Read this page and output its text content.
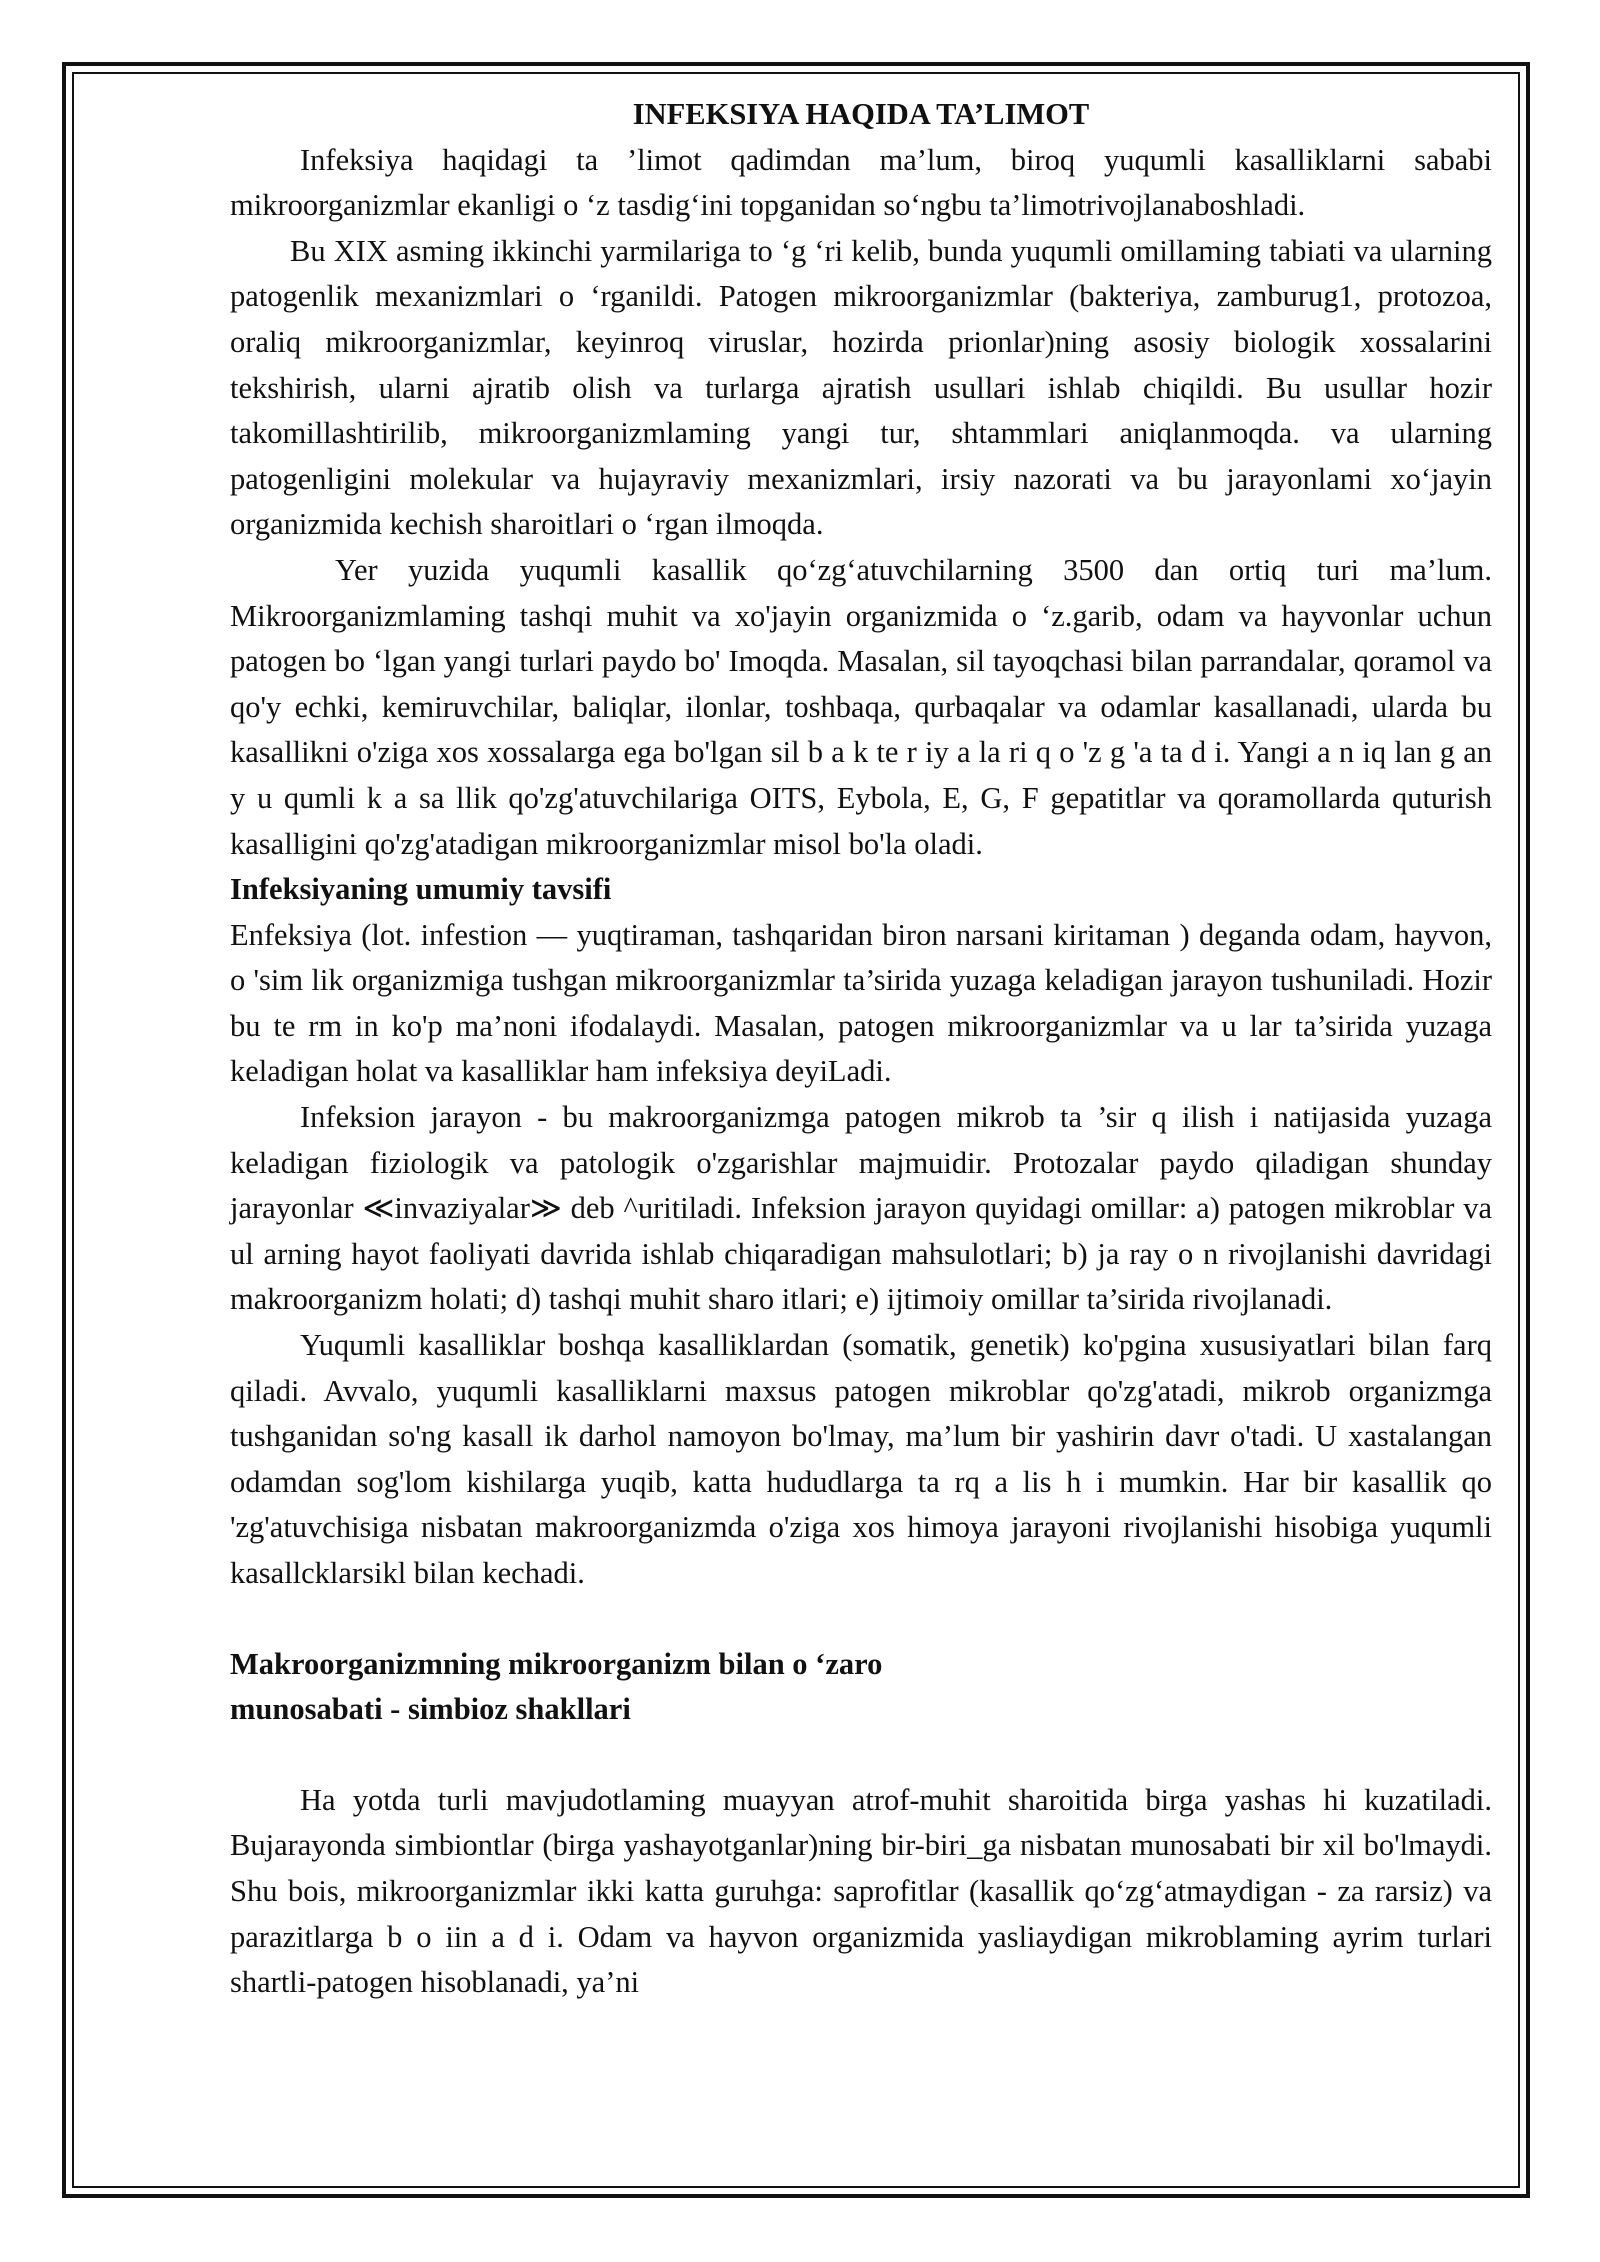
INFEKSIYA HAQIDA TA’LIMOT

Infeksiya haqidagi ta ’limot qadimdan ma’lum, biroq yuqumli kasalliklarni sababi mikroorganizmlar ekanligi o ‘z tasdig‘ini topganidan so‘ngbu ta’limotrivojlanaboshladi.

Bu XIX asming ikkinchi yarmilariga to ‘g ‘ri kelib, bunda yuqumli omillaming tabiati va ularning patogenlik mexanizmlari o ‘rganildi. Patogen mikroorganizmlar (bakteriya, zamburug1, protozoa, oraliq mikroorganizmlar, keyinroq viruslar, hozirda prionlar)ning asosiy biologik xossalarini tekshirish, ularni ajratib olish va turlarga ajratish usullari ishlab chiqildi. Bu usullar hozir takomillashtirilib, mikroorganizmlaming yangi tur, shtammlari aniqlanmoqda. va ularning patogenligini molekular va hujayraviy mexanizmlari, irsiy nazorati va bu jarayonlami xo‘jayin organizmida kechish sharoitlari o ‘rgan ilmoqda.

Yer yuzida yuqumli kasallik qo‘zg‘atuvchilarning 3500 dan ortiq turi ma’lum. Mikroorganizmlaming tashqi muhit va xo'jayin organizmida o ‘z.garib, odam va hayvonlar uchun patogen bo ‘lgan yangi turlari paydo bo' Imoqda. Masalan, sil tayoqchasi bilan parrandalar, qoramol va qo'y echki, kemiruvchilar, baliqlar, ilonlar, toshbaqa, qurbaqalar va odamlar kasallanadi, ularda bu kasallikni o'ziga xos xossalarga ega bo'lgan sil b a k te r iy a la ri q o 'z g 'a ta d i. Yangi a n iq lan g an y u qumli k a sa llik qo'zg'atuvchilariga OITS, Eybola, E, G, F gepatitlar va qoramollarda quturish kasalligini qo'zg'atadigan mikroorganizmlar misol bo'la oladi.

Infeksiyaning umumiy tavsifi

Enfeksiya (lot. infestion — yuqtiraman, tashqaridan biron narsani kiritaman ) deganda odam, hayvon, o 'sim lik organizmiga tushgan mikroorganizmlar ta’sirida yuzaga keladigan jarayon tushuniladi. Hozir bu te rm in ko'p ma’noni ifodalaydi. Masalan, patogen mikroorganizmlar va u lar ta’sirida yuzaga keladigan holat va kasalliklar ham infeksiya deyiLadi.

Infeksion jarayon - bu makroorganizmga patogen mikrob ta ’sir q ilish i natijasida yuzaga keladigan fiziologik va patologik o'zgarishlar majmuidir. Protozalar paydo qiladigan shunday jarayonlar ≪invaziyalar≫ deb ^uritiladi. Infeksion jarayon quyidagi omillar: a) patogen mikroblar va ul arning hayot faoliyati davrida ishlab chiqaradigan mahsulotlari; b) ja ray o n rivojlanishi davridagi makroorganizm holati; d) tashqi muhit sharo itlari; e) ijtimoiy omillar ta’sirida rivojlanadi.

Yuqumli kasalliklar boshqa kasalliklardan (somatik, genetik) ko'pgina xususiyatlari bilan farq qiladi. Avvalo, yuqumli kasalliklarni maxsus patogen mikroblar qo'zg'atadi, mikrob organizmga tushganidan so'ng kasall ik darhol namoyon bo'lmay, ma’lum bir yashirin davr o'tadi. U xastalangan odamdan sog'lom kishilarga yuqib, katta hududlarga ta rq a lis h i mumkin. Har bir kasallik qo 'zg'atuvchisiga nisbatan makroorganizmda o'ziga xos himoya jarayoni rivojlanishi hisobiga yuqumli kasallcklarsikl bilan kechadi.

Makroorganizmning mikroorganizm bilan o ‘zaro

munosabati - simbioz shakllari

Ha yotda turli mavjudotlaming muayyan atrof-muhit sharoitida birga yashas hi kuzatiladi. Bujarayonda simbiontlar (birga yashayotganlar)ning bir-biri_ga nisbatan munosabati bir xil bo'lmaydi. Shu bois, mikroorganizmlar ikki katta guruhga: saprofitlar (kasallik qo‘zg‘atmaydigan - za rarsiz) va parazitlarga b o iin a d i. Odam va hayvon organizmida yasliaydigan mikroblaming ayrim turlari shartli-patogen hisoblanadi, ya’ni
